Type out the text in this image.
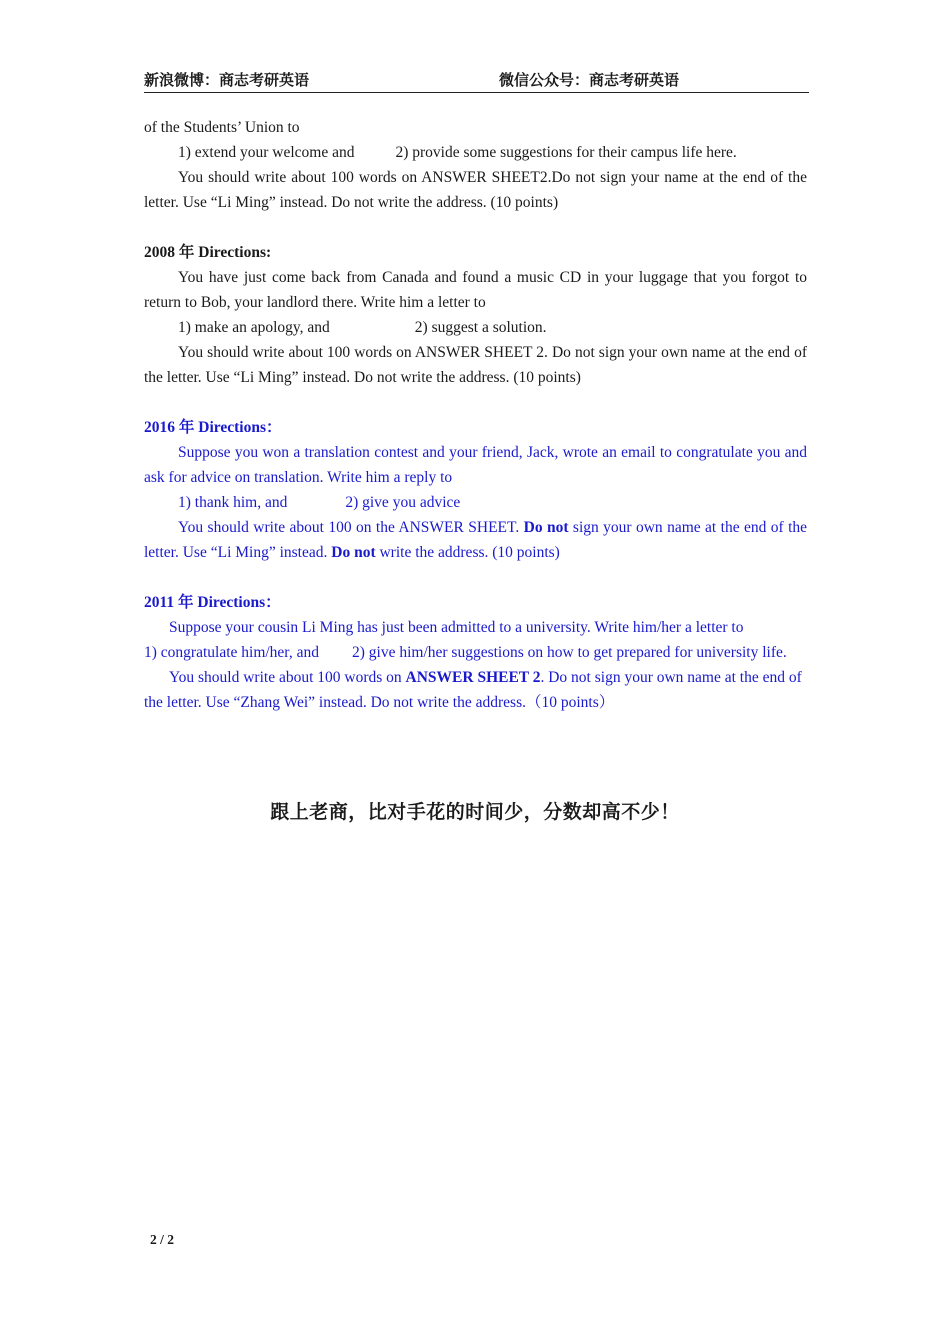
新浪微博：商志考研英语	微信公众号：商志考研英语

of the Students’ Union to

1) extend your welcome and	2) provide some suggestions for their campus life here.

You should write about 100 words on ANSWER SHEET2.Do not sign your name at the end of the letter. Use “Li Ming” instead. Do not write the address. (10 points)

2008 年 Directions:

You have just come back from Canada and found a music CD in your luggage that you forgot to return to Bob, your landlord there. Write him a letter to

1) make an apology, and	2) suggest a solution.

You should write about 100 words on ANSWER SHEET 2. Do not sign your own name at the end of the letter. Use “Li Ming” instead. Do not write the address. (10 points)

2016 年 Directions：

Suppose you won a translation contest and your friend, Jack, wrote an email to congratulate you and ask for advice on translation. Write him a reply to

1) thank him, and	2) give you advice

You should write about 100 on the ANSWER SHEET. Do not sign your own name at the end of the letter. Use “Li Ming” instead. Do not write the address. (10 points)

2011 年 Directions：

Suppose your cousin Li Ming has just been admitted to a university. Write him/her a letter to

1) congratulate him/her, and 2) give him/her suggestions on how to get prepared for university life.

You should write about 100 words on ANSWER SHEET 2. Do not sign your own name at the end of the letter. Use “Zhang Wei” instead. Do not write the address.（10 points）

跟上老商，比对手花的时间少，分数却高不少！
2 / 2
